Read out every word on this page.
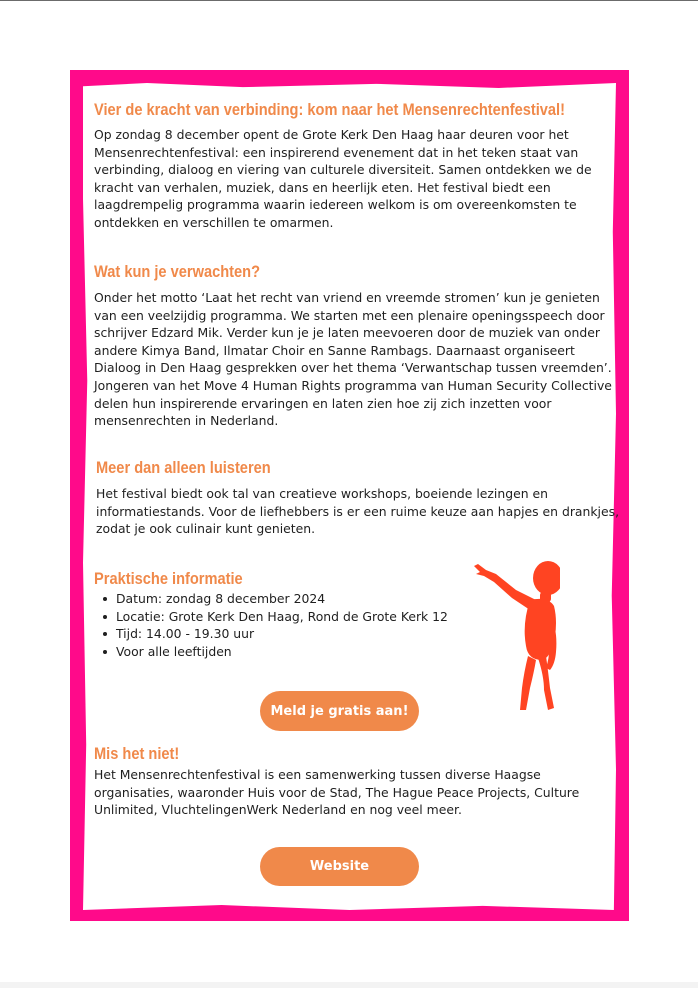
Vier de kracht van verbinding: kom naar het Mensenrechtenfestival!
Op zondag 8 december opent de Grote Kerk Den Haag haar deuren voor het
Mensenrechtenfestival: een inspirerend evenement dat in het teken staat van
verbinding, dialoog en viering van culturele diversiteit. Samen ontdekken we de
kracht van verhalen, muziek, dans en heerlijk eten. Het festival biedt een
laagdrempelig programma waarin iedereen welkom is om overeenkomsten te
ontdekken en verschillen te omarmen.
Wat kun je verwachten?
Onder het motto ‘Laat het recht van vriend en vreemde stromen’ kun je genieten
van een veelzijdig programma. We starten met een plenaire openingsspeech door
schrijver Edzard Mik. Verder kun je je laten meevoeren door de muziek van onder
andere Kimya Band, Ilmatar Choir en Sanne Rambags. Daarnaast organiseert
Dialoog in Den Haag gesprekken over het thema ‘Verwantschap tussen vreemden’.
Jongeren van het Move 4 Human Rights programma van Human Security Collective
delen hun inspirerende ervaringen en laten zien hoe zij zich inzetten voor
mensenrechten in Nederland.
Meer dan alleen luisteren
Het festival biedt ook tal van creatieve workshops, boeiende lezingen en
informatiestands. Voor de liefhebbers is er een ruime keuze aan hapjes en drankjes,
zodat je ook culinair kunt genieten.
Praktische informatie
Datum: zondag 8 december 2024
Locatie: Grote Kerk Den Haag, Rond de Grote Kerk 12
Tijd: 14.00 - 19.30 uur
Voor alle leeftijden
Meld je gratis aan!
Mis het niet!
Het Mensenrechtenfestival is een samenwerking tussen diverse Haagse
organisaties, waaronder Huis voor de Stad, The Hague Peace Projects, Culture
Unlimited, VluchtelingenWerk Nederland en nog veel meer.
Website
